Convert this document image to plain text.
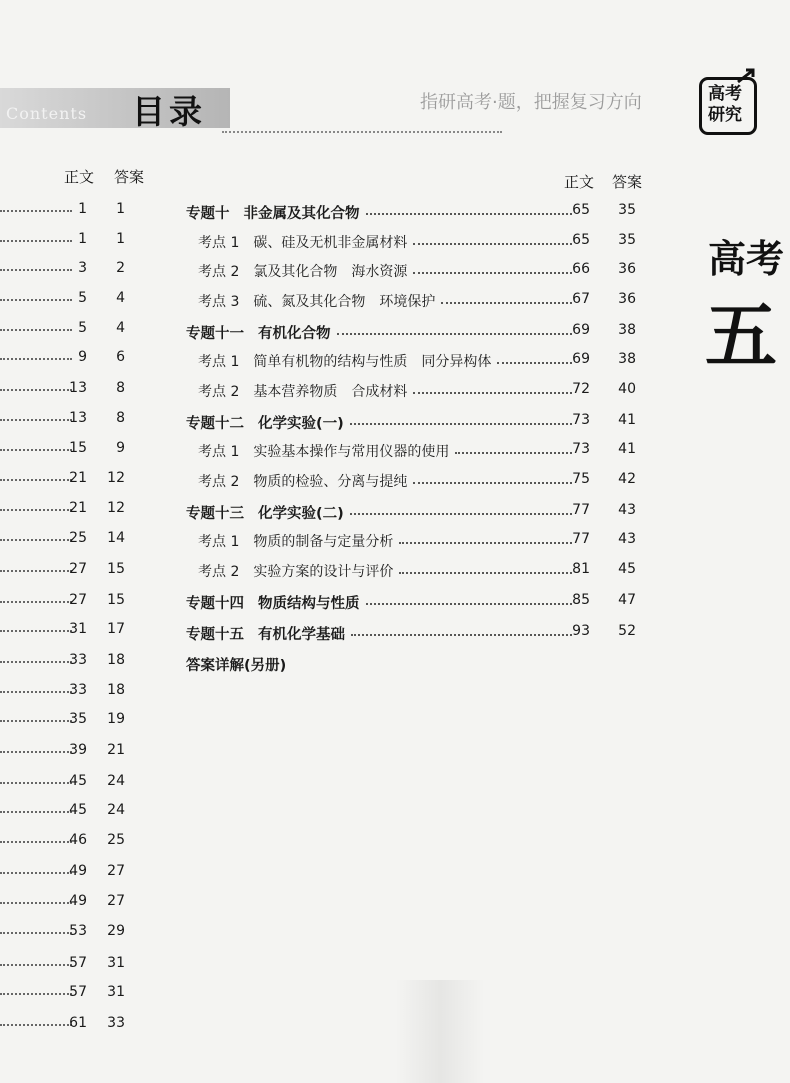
Contents 目录	指研高考·题，把握复习方向	高考
研究
高考
五
正文 答案	正文 答案
1 1
1 1
3 2
5 4
5 4
9 6
13 8
13 8
15 9
21 12
21 12
25 14
27 15
27 15
31 17
33 18
33 18
35 19
39 21
45 24
45 24
46 25
49 27
49 27
53 29
57 31
57 31
61 33
专题十 非金属及其化合物	65 35
考点 1 碳、硅及无机非金属材料	65 35
考点 2 氯及其化合物　海水资源	66 36
考点 3 硫、氮及其化合物　环境保护	67 36
专题十一 有机化合物	69 38
考点 1 简单有机物的结构与性质　同分异构体	69 38
考点 2 基本营养物质　合成材料	72 40
专题十二 化学实验(一)	73 41
考点 1 实验基本操作与常用仪器的使用	73 41
考点 2 物质的检验、分离与提纯	75 42
专题十三 化学实验(二)	77 43
考点 1 物质的制备与定量分析	77 43
考点 2 实验方案的设计与评价	81 45
专题十四 物质结构与性质	85 47
专题十五 有机化学基础	93 52
答案详解(另册)
